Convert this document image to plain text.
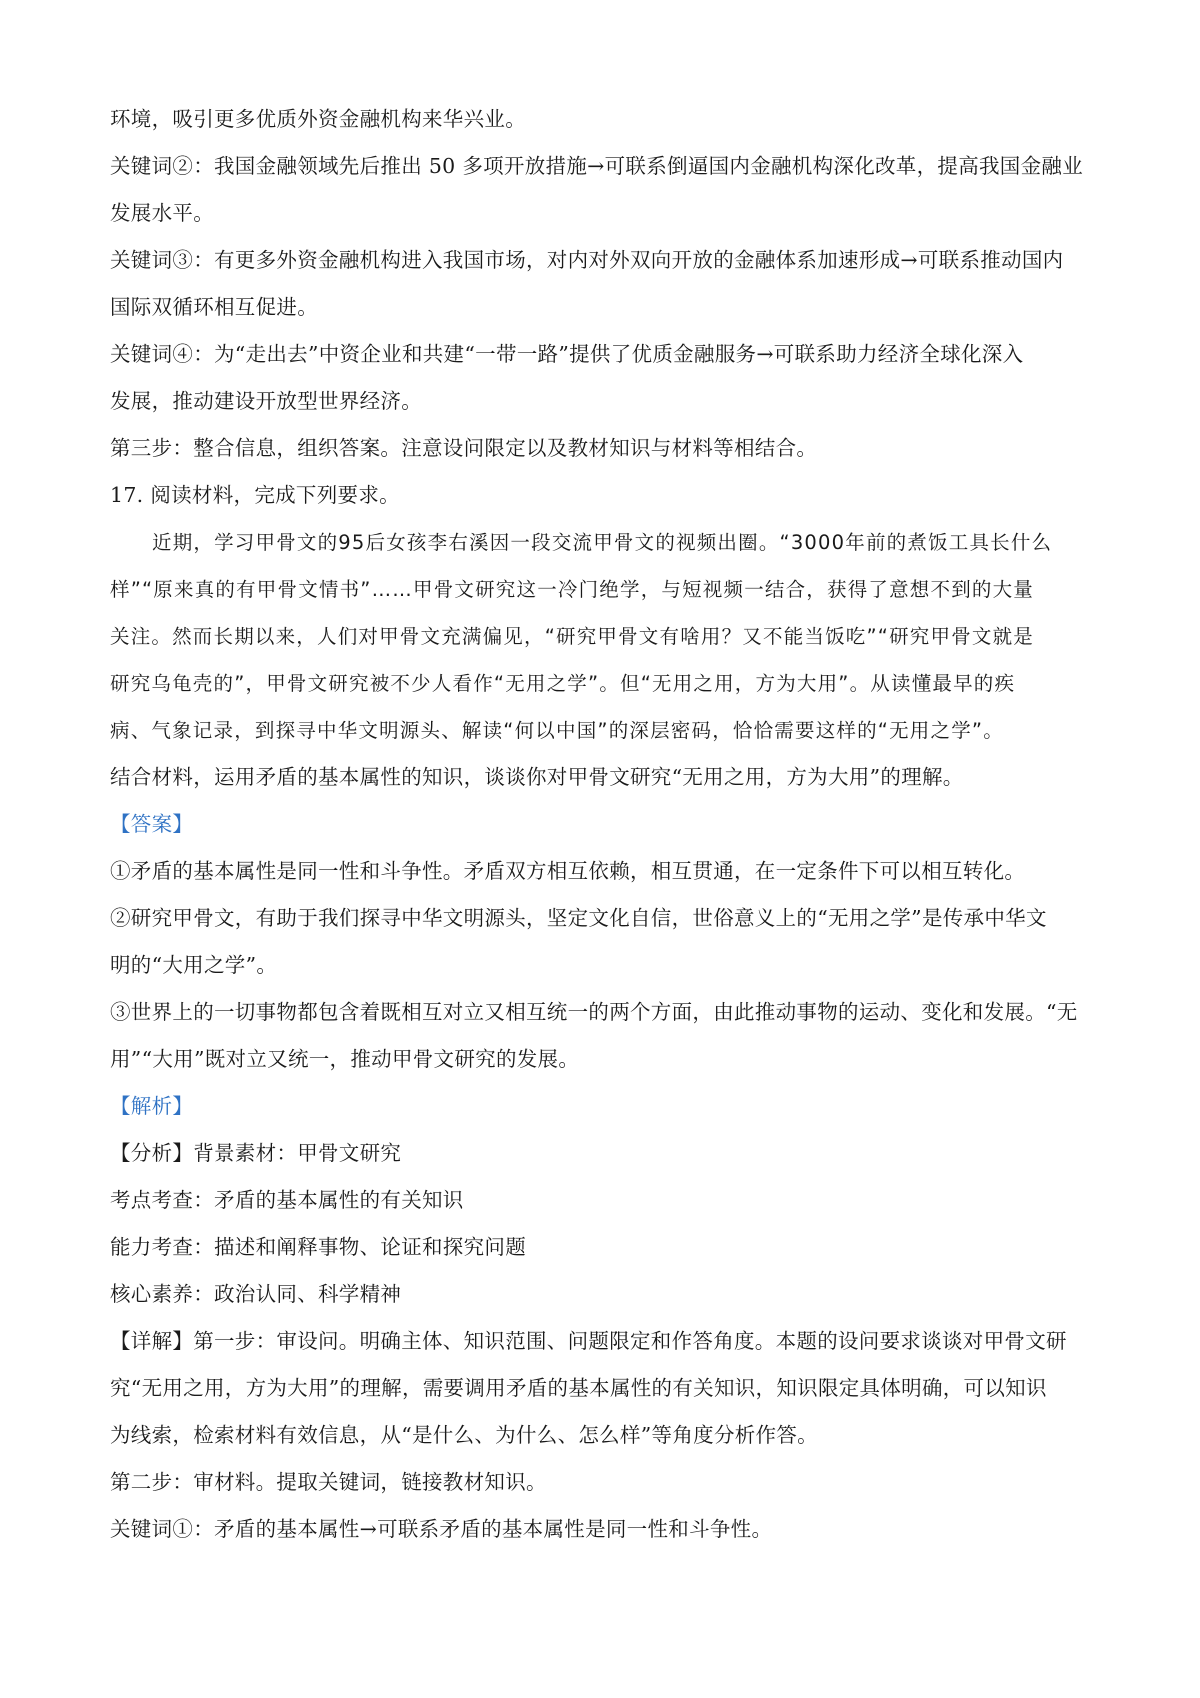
环境，吸引更多优质外资金融机构来华兴业。
关键词②：我国金融领域先后推出 50 多项开放措施→可联系倒逼国内金融机构深化改革，提高我国金融业
发展水平。
关键词③：有更多外资金融机构进入我国市场，对内对外双向开放的金融体系加速形成→可联系推动国内
国际双循环相互促进。
关键词④：为“走出去”中资企业和共建“一带一路”提供了优质金融服务→可联系助力经济全球化深入
发展，推动建设开放型世界经济。
第三步：整合信息，组织答案。注意设问限定以及教材知识与材料等相结合。
17. 阅读材料，完成下列要求。
近期，学习甲骨文的95后女孩李右溪因一段交流甲骨文的视频出圈。“3000年前的煮饭工具长什么
样”“原来真的有甲骨文情书”……甲骨文研究这一冷门绝学，与短视频一结合，获得了意想不到的大量
关注。然而长期以来，人们对甲骨文充满偏见，“研究甲骨文有啥用？又不能当饭吃”“研究甲骨文就是
研究乌龟壳的”，甲骨文研究被不少人看作“无用之学”。但“无用之用，方为大用”。从读懂最早的疾
病、气象记录，到探寻中华文明源头、解读“何以中国”的深层密码，恰恰需要这样的“无用之学”。
结合材料，运用矛盾的基本属性的知识，谈谈你对甲骨文研究“无用之用，方为大用”的理解。
【答案】
①矛盾的基本属性是同一性和斗争性。矛盾双方相互依赖，相互贯通，在一定条件下可以相互转化。
②研究甲骨文，有助于我们探寻中华文明源头，坚定文化自信，世俗意义上的“无用之学”是传承中华文
明的“大用之学”。
③世界上的一切事物都包含着既相互对立又相互统一的两个方面，由此推动事物的运动、变化和发展。“无
用”“大用”既对立又统一，推动甲骨文研究的发展。
【解析】
【分析】背景素材：甲骨文研究
考点考查：矛盾的基本属性的有关知识
能力考查：描述和阐释事物、论证和探究问题
核心素养：政治认同、科学精神
【详解】第一步：审设问。明确主体、知识范围、问题限定和作答角度。本题的设问要求谈谈对甲骨文研
究“无用之用，方为大用”的理解，需要调用矛盾的基本属性的有关知识，知识限定具体明确，可以知识
为线索，检索材料有效信息，从“是什么、为什么、怎么样”等角度分析作答。
第二步：审材料。提取关键词，链接教材知识。
关键词①：矛盾的基本属性→可联系矛盾的基本属性是同一性和斗争性。
